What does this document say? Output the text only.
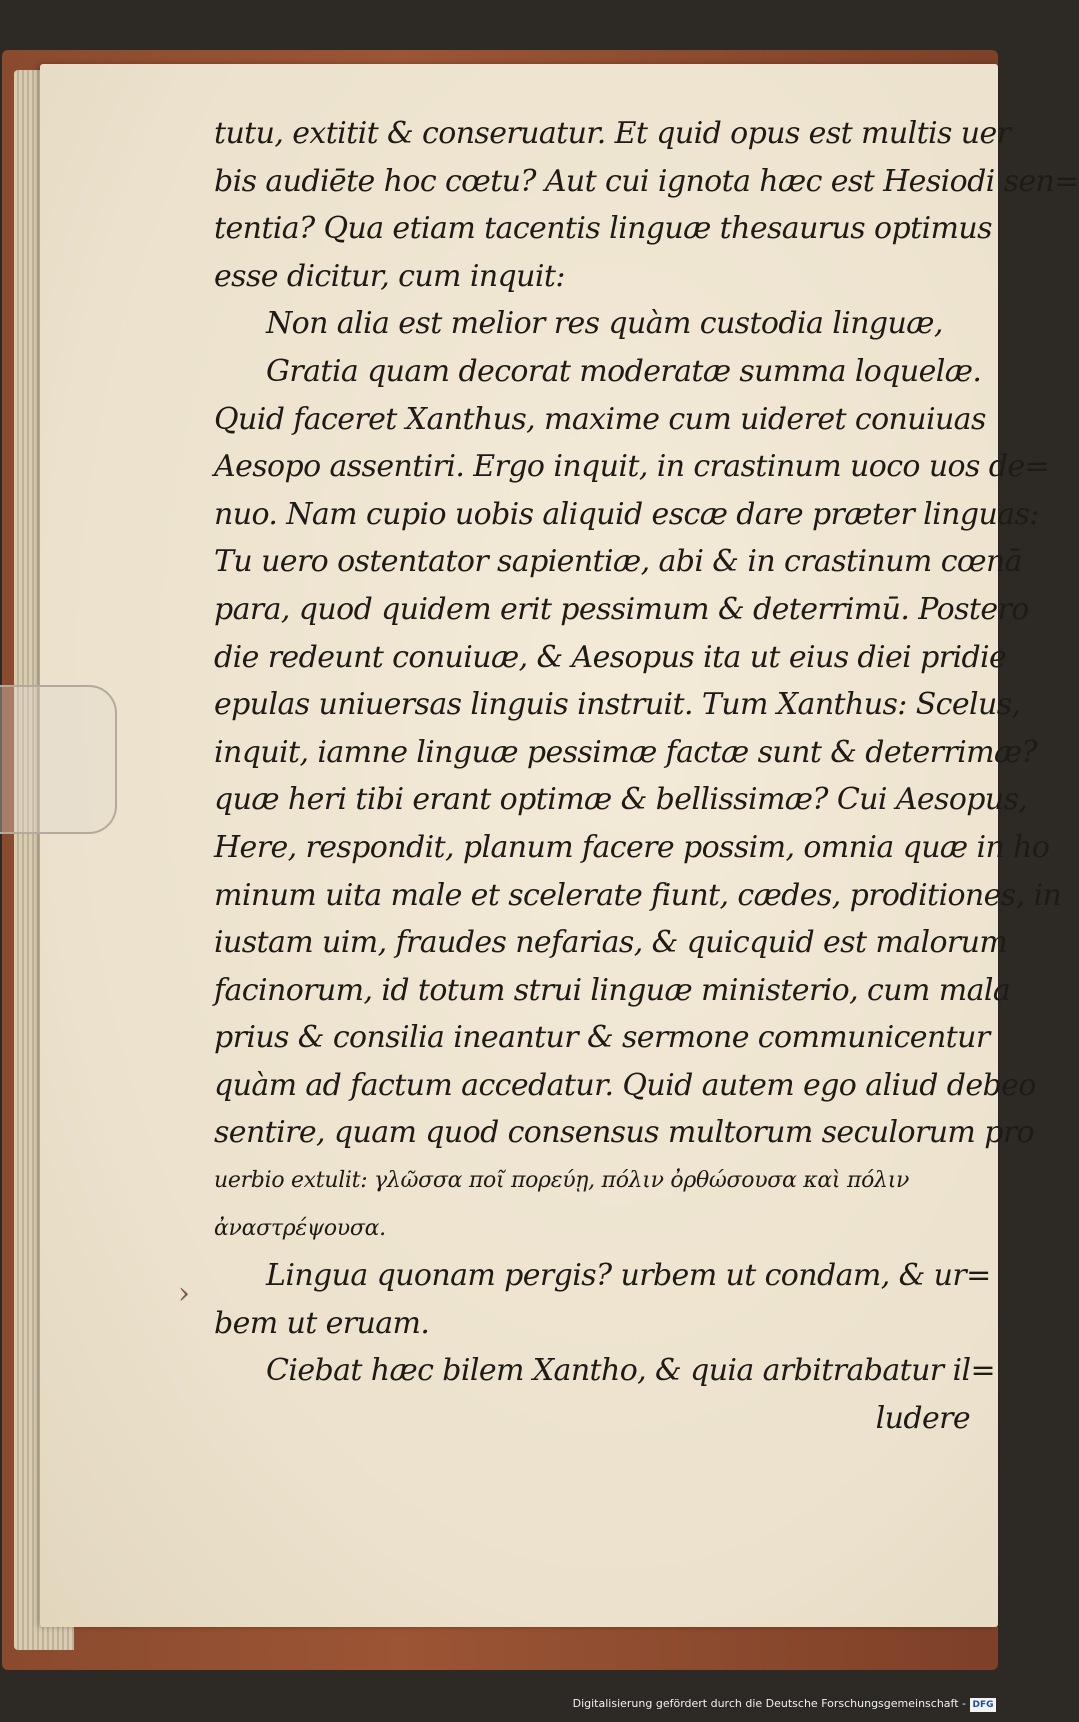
›
tutu, extitit & conseruatur. Et quid opus est multis uer
bis audiēte hoc cœtu? Aut cui ignota hæc est Hesiodi sen=
tentia? Qua etiam tacentis linguæ thesaurus optimus
esse dicitur, cum inquit:
Non alia est melior res quàm custodia linguæ,
Gratia quam decorat moderatæ summa loquelæ.
Quid faceret Xanthus, maxime cum uideret conuiuas
Aesopo assentiri. Ergo inquit, in crastinum uoco uos de=
nuo. Nam cupio uobis aliquid escæ dare præter linguas:
Tu uero ostentator sapientiæ, abi & in crastinum cœnā
para, quod quidem erit pessimum & deterrimū. Postero
die redeunt conuiuæ, & Aesopus ita ut eius diei pridie
epulas uniuersas linguis instruit. Tum Xanthus: Scelus,
inquit, iamne linguæ pessimæ factæ sunt & deterrimæ?
quæ heri tibi erant optimæ & bellissimæ? Cui Aesopus,
Here, respondit, planum facere possim, omnia quæ in ho
minum uita male et scelerate fiunt, cædes, proditiones, in
iustam uim, fraudes nefarias, & quicquid est malorum
facinorum, id totum strui linguæ ministerio, cum mala
prius & consilia ineantur & sermone communicentur
quàm ad factum accedatur. Quid autem ego aliud debeo
sentire, quam quod consensus multorum seculorum pro
uerbio extulit: γλῶσσα ποῖ πορεύῃ, πόλιν ὀρθώσουσα καὶ πόλιν
ἀναστρέψουσα.
Lingua quonam pergis? urbem ut condam, & ur=
bem ut eruam.
Ciebat hæc bilem Xantho, & quia arbitrabatur il=
ludere
Digitalisierung gefördert durch die Deutsche Forschungsgemeinschaft - DFG
